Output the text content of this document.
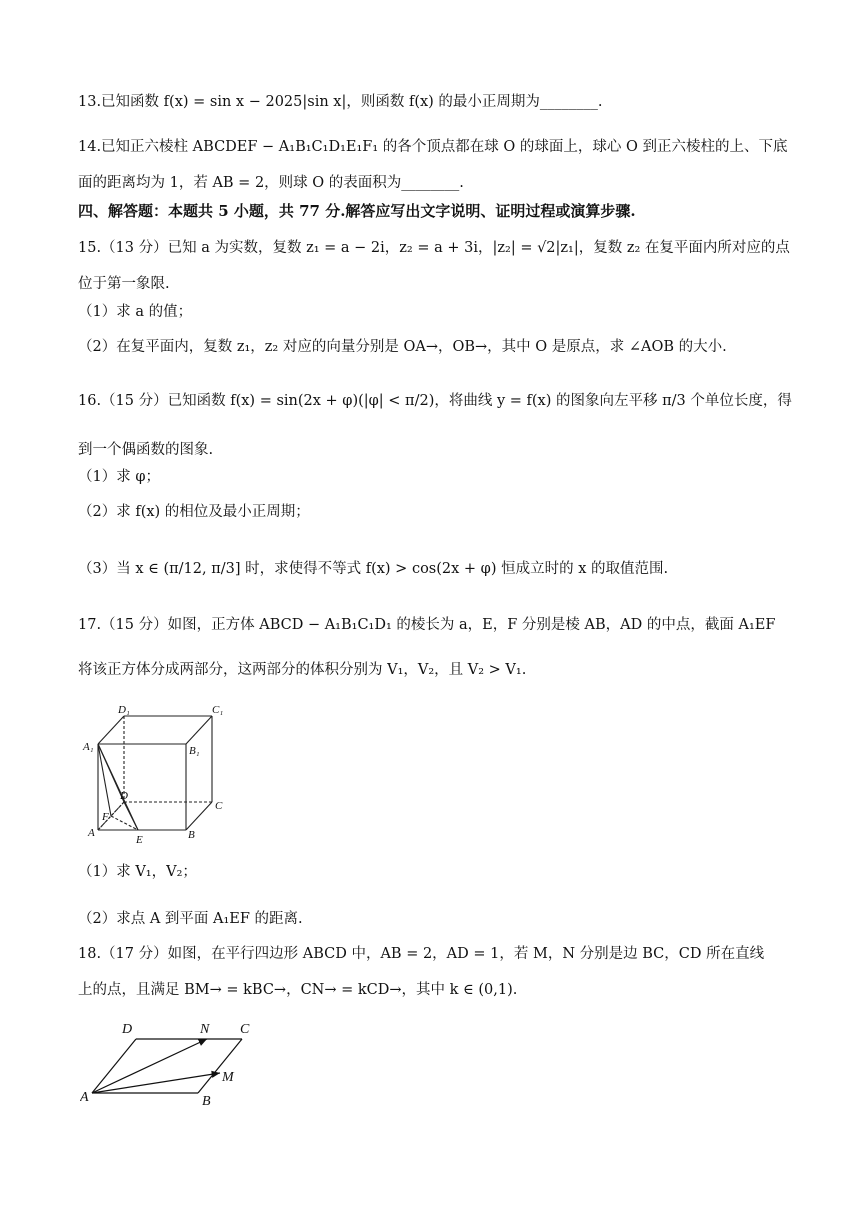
13.已知函数 f(x) = sin x − 2025|sin x|，则函数 f(x) 的最小正周期为________.
14.已知正六棱柱 ABCDEF − A₁B₁C₁D₁E₁F₁ 的各个顶点都在球 O 的球面上，球心 O 到正六棱柱的上、下底
面的距离均为 1，若 AB = 2，则球 O 的表面积为________.
四、解答题：本题共 5 小题，共 77 分.解答应写出文字说明、证明过程或演算步骤.
15.（13 分）已知 a 为实数，复数 z₁ = a − 2i，z₂ = a + 3i，|z₂| = √2|z₁|，复数 z₂ 在复平面内所对应的点
位于第一象限.
（1）求 a 的值；
（2）在复平面内，复数 z₁，z₂ 对应的向量分别是 OA→，OB→，其中 O 是原点，求 ∠AOB 的大小.
16.（15 分）已知函数 f(x) = sin(2x + φ)(|φ| < π/2)，将曲线 y = f(x) 的图象向左平移 π/3 个单位长度，得
到一个偶函数的图象.
（1）求 φ；
（2）求 f(x) 的相位及最小正周期；
（3）当 x ∈ (π/12, π/3] 时，求使得不等式 f(x) > cos(2x + φ) 恒成立时的 x 的取值范围.
17.（15 分）如图，正方体 ABCD − A₁B₁C₁D₁ 的棱长为 a，E，F 分别是棱 AB，AD 的中点，截面 A₁EF
将该正方体分成两部分，这两部分的体积分别为 V₁，V₂，且 V₂ > V₁.
D₁	C₁
A₁	B₁
D
C
F
A
E	B
（1）求 V₁，V₂；
（2）求点 A 到平面 A₁EF 的距离.
18.（17 分）如图，在平行四边形 ABCD 中，AB = 2，AD = 1，若 M，N 分别是边 BC，CD 所在直线
上的点，且满足 BM→ = kBC→，CN→ = kCD→，其中 k ∈ (0,1).
D	N C
M
A	B
